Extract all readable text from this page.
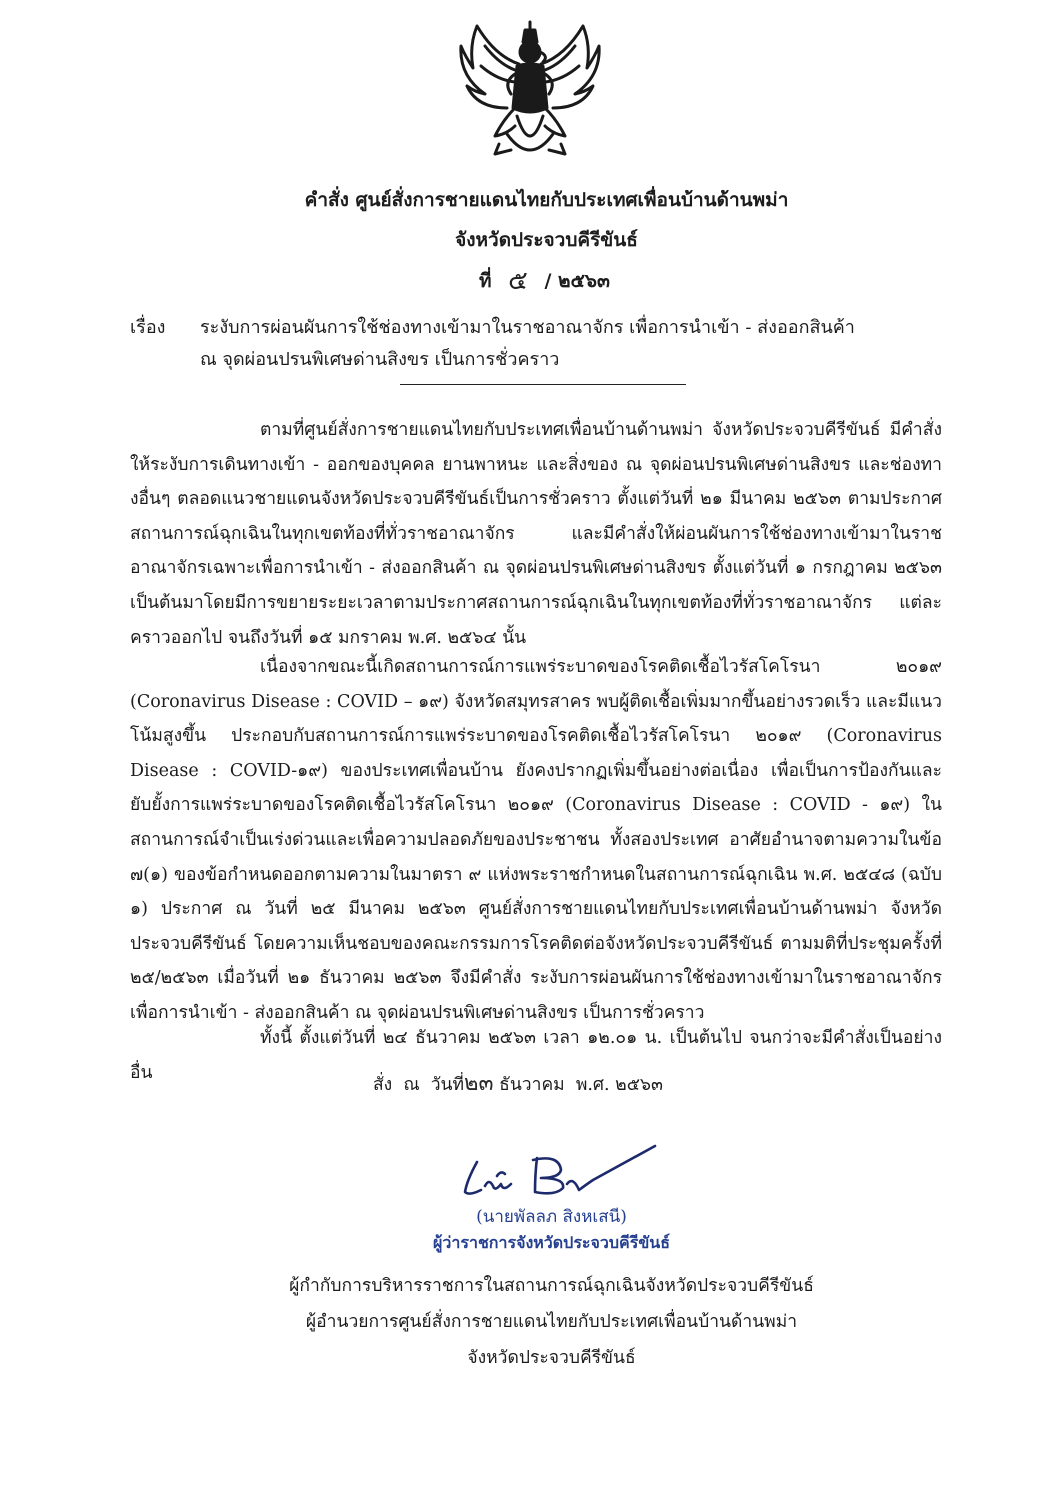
คำสั่ง ศูนย์สั่งการชายแดนไทยกับประเทศเพื่อนบ้านด้านพม่า
จังหวัดประจวบคีรีขันธ์
ที่ ๕ / ๒๕๖๓
เรื่อง ระงับการผ่อนผันการใช้ช่องทางเข้ามาในราชอาณาจักร เพื่อการนำเข้า - ส่งออกสินค้า
ณ จุดผ่อนปรนพิเศษด่านสิงขร เป็นการชั่วคราว

ตามที่ศูนย์สั่งการชายแดนไทยกับประเทศเพื่อนบ้านด้านพม่า จังหวัดประจวบคีรีขันธ์ มีคำสั่งให้ระงับการเดินทางเข้า - ออกของบุคคล ยานพาหนะ และสิ่งของ ณ จุดผ่อนปรนพิเศษด่านสิงขร และช่องทางอื่นๆ ตลอดแนวชายแดนจังหวัดประจวบคีรีขันธ์เป็นการชั่วคราว ตั้งแต่วันที่ ๒๑ มีนาคม ๒๕๖๓ ตามประกาศสถานการณ์ฉุกเฉินในทุกเขตท้องที่ทั่วราชอาณาจักร และมีคำสั่งให้ผ่อนผันการใช้ช่องทางเข้ามาในราชอาณาจักรเฉพาะเพื่อการนำเข้า - ส่งออกสินค้า ณ จุดผ่อนปรนพิเศษด่านสิงขร ตั้งแต่วันที่ ๑ กรกฎาคม ๒๕๖๓ เป็นต้นมาโดยมีการขยายระยะเวลาตามประกาศสถานการณ์ฉุกเฉินในทุกเขตท้องที่ทั่วราชอาณาจักร แต่ละคราวออกไป จนถึงวันที่ ๑๕ มกราคม พ.ศ. ๒๕๖๔ นั้น

เนื่องจากขณะนี้เกิดสถานการณ์การแพร่ระบาดของโรคติดเชื้อไวรัสโคโรนา ๒๐๑๙ (Coronavirus Disease : COVID – ๑๙) จังหวัดสมุทรสาคร พบผู้ติดเชื้อเพิ่มมากขึ้นอย่างรวดเร็ว และมีแนวโน้มสูงขึ้น ประกอบกับสถานการณ์การแพร่ระบาดของโรคติดเชื้อไวรัสโคโรนา ๒๐๑๙ (Coronavirus Disease : COVID-๑๙) ของประเทศเพื่อนบ้าน ยังคงปรากฏเพิ่มขึ้นอย่างต่อเนื่อง เพื่อเป็นการป้องกันและยับยั้งการแพร่ระบาดของโรคติดเชื้อไวรัสโคโรนา ๒๐๑๙ (Coronavirus Disease : COVID - ๑๙) ในสถานการณ์จำเป็นเร่งด่วนและเพื่อความปลอดภัยของประชาชน ทั้งสองประเทศ อาศัยอำนาจตามความในข้อ ๗(๑) ของข้อกำหนดออกตามความในมาตรา ๙ แห่งพระราชกำหนดในสถานการณ์ฉุกเฉิน พ.ศ. ๒๕๔๘ (ฉบับ ๑) ประกาศ ณ วันที่ ๒๕ มีนาคม ๒๕๖๓ ศูนย์สั่งการชายแดนไทยกับประเทศเพื่อนบ้านด้านพม่า จังหวัดประจวบคีรีขันธ์ โดยความเห็นชอบของคณะกรรมการโรคติดต่อจังหวัดประจวบคีรีขันธ์ ตามมติที่ประชุมครั้งที่ ๒๕/๒๕๖๓ เมื่อวันที่ ๒๑ ธันวาคม ๒๕๖๓ จึงมีคำสั่ง ระงับการผ่อนผันการใช้ช่องทางเข้ามาในราชอาณาจักรเพื่อการนำเข้า - ส่งออกสินค้า ณ จุดผ่อนปรนพิเศษด่านสิงขร เป็นการชั่วคราว

ทั้งนี้ ตั้งแต่วันที่ ๒๔ ธันวาคม ๒๕๖๓ เวลา ๑๒.๐๑ น. เป็นต้นไป จนกว่าจะมีคำสั่งเป็นอย่างอื่น

สั่ง  ณ  วันที่๒๓ ธันวาคม  พ.ศ. ๒๕๖๓
(นายพัลลภ สิงหเสนี)
ผู้ว่าราชการจังหวัดประจวบคีรีขันธ์
ผู้กำกับการบริหารราชการในสถานการณ์ฉุกเฉินจังหวัดประจวบคีรีขันธ์
ผู้อำนวยการศูนย์สั่งการชายแดนไทยกับประเทศเพื่อนบ้านด้านพม่า
จังหวัดประจวบคีรีขันธ์
